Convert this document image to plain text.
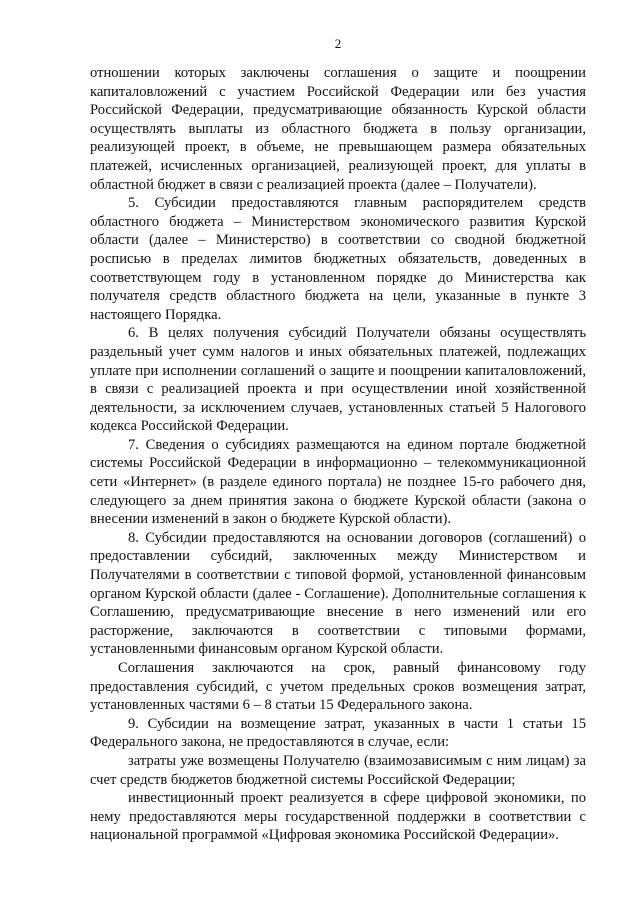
2

отношении которых заключены соглашения о защите и поощрении капиталовложений с участием Российской Федерации или без участия Российской Федерации, предусматривающие обязанность Курской области осуществлять выплаты из областного бюджета в пользу организации, реализующей проект, в объеме, не превышающем размера обязательных платежей, исчисленных организацией, реализующей проект, для уплаты в областной бюджет в связи с реализацией проекта (далее – Получатели).

5. Субсидии предоставляются главным распорядителем средств областного бюджета – Министерством экономического развития Курской области (далее – Министерство) в соответствии со сводной бюджетной росписью в пределах лимитов бюджетных обязательств, доведенных в соответствующем году в установленном порядке до Министерства как получателя средств областного бюджета на цели, указанные в пункте 3 настоящего Порядка.

6. В целях получения субсидий Получатели обязаны осуществлять раздельный учет сумм налогов и иных обязательных платежей, подлежащих уплате при исполнении соглашений о защите и поощрении капиталовложений, в связи с реализацией проекта и при осуществлении иной хозяйственной деятельности, за исключением случаев, установленных статьей 5 Налогового кодекса Российской Федерации.

7. Сведения о субсидиях размещаются на едином портале бюджетной системы Российской Федерации в информационно – телекоммуникационной сети «Интернет» (в разделе единого портала) не позднее 15-го рабочего дня, следующего за днем принятия закона о бюджете Курской области (закона о внесении изменений в закон о бюджете Курской области).

8. Субсидии предоставляются на основании договоров (соглашений) о предоставлении субсидий, заключенных между Министерством и Получателями в соответствии с типовой формой, установленной финансовым органом Курской области (далее - Соглашение). Дополнительные соглашения к Соглашению, предусматривающие внесение в него изменений или его расторжение, заключаются в соответствии с типовыми формами, установленными финансовым органом Курской области.

Соглашения заключаются на срок, равный финансовому году предоставления субсидий, с учетом предельных сроков возмещения затрат, установленных частями 6 – 8 статьи 15 Федерального закона.

9. Субсидии на возмещение затрат, указанных в части 1 статьи 15 Федерального закона, не предоставляются в случае, если:

затраты уже возмещены Получателю (взаимозависимым с ним лицам) за счет средств бюджетов бюджетной системы Российской Федерации;

инвестиционный проект реализуется в сфере цифровой экономики, по нему предоставляются меры государственной поддержки в соответствии с национальной программой «Цифровая экономика Российской Федерации».
